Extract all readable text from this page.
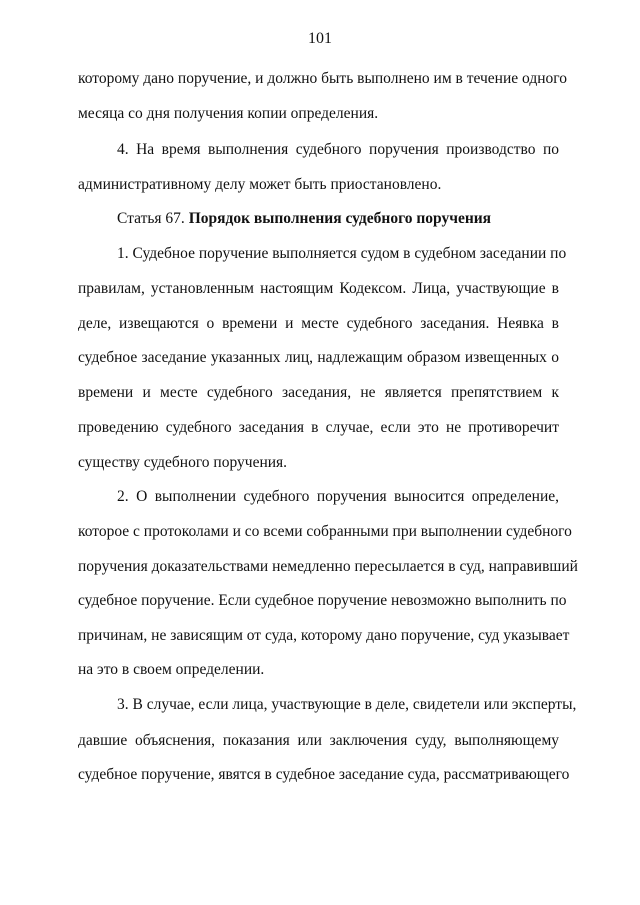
101
которому дано поручение, и должно быть выполнено им в течение одного
месяца со дня получения копии определения.
4. На время выполнения судебного поручения производство по
административному делу может быть приостановлено.
Статья 67. Порядок выполнения судебного поручения
1. Судебное поручение выполняется судом в судебном заседании по
правилам, установленным настоящим Кодексом. Лица, участвующие в
деле, извещаются о времени и месте судебного заседания. Неявка в
судебное заседание указанных лиц, надлежащим образом извещенных о
времени и месте судебного заседания, не является препятствием к
проведению судебного заседания в случае, если это не противоречит
существу судебного поручения.
2. О выполнении судебного поручения выносится определение,
которое с протоколами и со всеми собранными при выполнении судебного
поручения доказательствами немедленно пересылается в суд, направивший
судебное поручение. Если судебное поручение невозможно выполнить по
причинам, не зависящим от суда, которому дано поручение, суд указывает
на это в своем определении.
3. В случае, если лица, участвующие в деле, свидетели или эксперты,
давшие объяснения, показания или заключения суду, выполняющему
судебное поручение, явятся в судебное заседание суда, рассматривающего
